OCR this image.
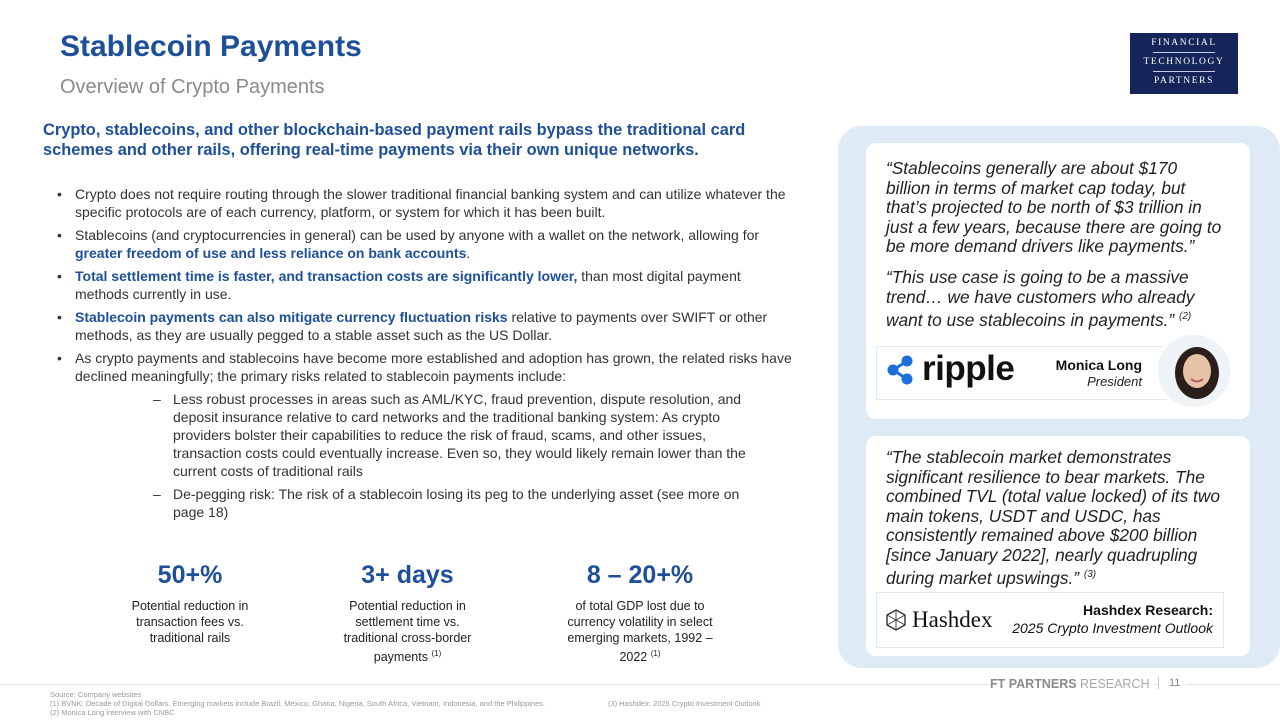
Stablecoin Payments
Overview of Crypto Payments
FINANCIAL
TECHNOLOGY
PARTNERS
Crypto, stablecoins, and other blockchain-based payment rails bypass the traditional card schemes and other rails, offering real-time payments via their own unique networks.
• Crypto does not require routing through the slower traditional financial banking system and can utilize whatever the specific protocols are of each currency, platform, or system for which it has been built.
• Stablecoins (and cryptocurrencies in general) can be used by anyone with a wallet on the network, allowing for greater freedom of use and less reliance on bank accounts.
• Total settlement time is faster, and transaction costs are significantly lower, than most digital payment methods currently in use.
• Stablecoin payments can also mitigate currency fluctuation risks relative to payments over SWIFT or other methods, as they are usually pegged to a stable asset such as the US Dollar.
• As crypto payments and stablecoins have become more established and adoption has grown, the related risks have declined meaningfully; the primary risks related to stablecoin payments include:
– Less robust processes in areas such as AML/KYC, fraud prevention, dispute resolution, and deposit insurance relative to card networks and the traditional banking system: As crypto providers bolster their capabilities to reduce the risk of fraud, scams, and other issues, transaction costs could eventually increase. Even so, they would likely remain lower than the current costs of traditional rails
– De-pegging risk: The risk of a stablecoin losing its peg to the underlying asset (see more on page 18)
50+%
Potential reduction in transaction fees vs. traditional rails
3+ days
Potential reduction in settlement time vs. traditional cross-border payments $^{(1)}$
8 – 20+%
of total GDP lost due to currency volatility in select emerging markets, 1992 – 2022 $^{(1)}$
“Stablecoins generally are about $170 billion in terms of market cap today, but that’s projected to be north of $3 trillion in just a few years, because there are going to be more demand drivers like payments.”
“This use case is going to be a massive trend… we have customers who already want to use stablecoins in payments.” $^{(2)}$
ripple	Monica Long
President
“The stablecoin market demonstrates significant resilience to bear markets. The combined TVL (total value locked) of its two main tokens, USDT and USDC, has consistently remained above $200 billion [since January 2022], nearly quadrupling during market upswings.” $^{(3)}$
Hashdex	Hashdex Research:
2025 Crypto Investment Outlook
Source: Company websites
(1) BVNK: Decade of Digital Dollars. Emerging markets include Brazil, Mexico, Ghana, Nigeria, South Africa, Vietnam, Indonesia, and the Philippines.
(2) Monica Long interview with CNBC
(3) Hashdex: 2025 Crypto Investment Outlook
FT PARTNERS RESEARCH	11
